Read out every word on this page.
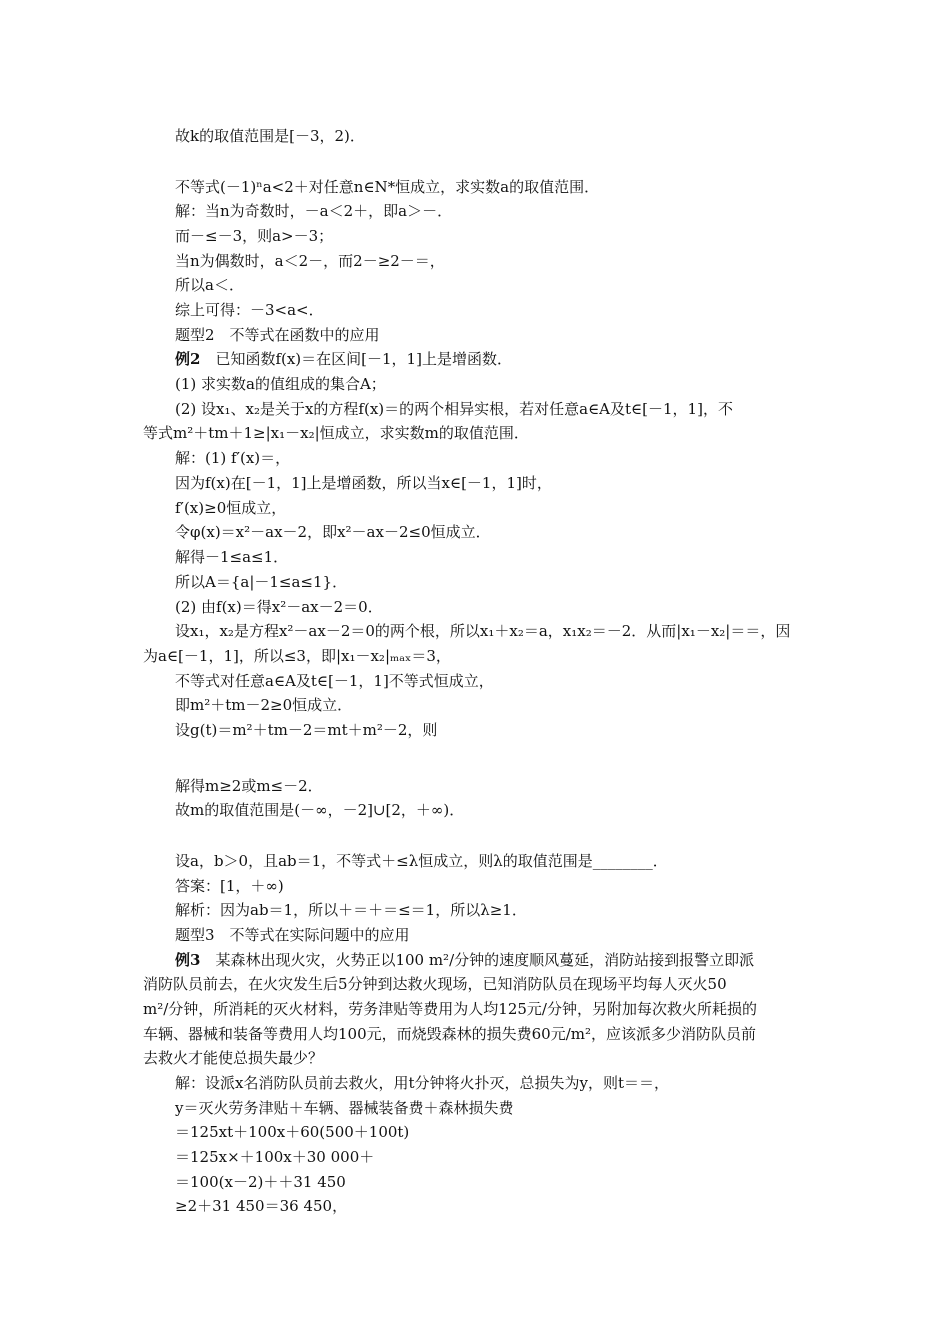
故k的取值范围是[－3，2)．
不等式(－1)ⁿa<2＋对任意n∈N*恒成立，求实数a的取值范围．
解：当n为奇数时，－a＜2＋，即a＞－．
而－≤－3，则a>－3；
当n为偶数时，a＜2－，而2－≥2－＝，
所以a＜．
综上可得：－3<a<．
题型2　不等式在函数中的应用
例2　已知函数f(x)＝在区间[－1，1]上是增函数．
(1) 求实数a的值组成的集合A；
(2) 设x₁、x₂是关于x的方程f(x)＝的两个相异实根，若对任意a∈A及t∈[－1，1]，不
等式m²＋tm＋1≥|x₁－x₂|恒成立，求实数m的取值范围．
解：(1) f′(x)＝，
因为f(x)在[－1，1]上是增函数，所以当x∈[－1，1]时，
f′(x)≥0恒成立，
令φ(x)＝x²－ax－2，即x²－ax－2≤0恒成立．
解得－1≤a≤1．
所以A＝{a|－1≤a≤1}．
(2) 由f(x)＝得x²－ax－2＝0．
设x₁，x₂是方程x²－ax－2＝0的两个根，所以x₁＋x₂＝a，x₁x₂＝－2．从而|x₁－x₂|＝＝，因
为a∈[－1，1]，所以≤3，即|x₁－x₂|ₘₐₓ＝3，
不等式对任意a∈A及t∈[－1，1]不等式恒成立，
即m²＋tm－2≥0恒成立．
设g(t)＝m²＋tm－2＝mt＋m²－2，则
解得m≥2或m≤－2．
故m的取值范围是(－∞，－2]∪[2，＋∞)．
设a，b＞0，且ab＝1，不等式＋≤λ恒成立，则λ的取值范围是________．
答案：[1，＋∞)
解析：因为ab＝1，所以＋＝＋＝≤＝1，所以λ≥1．
题型3　不等式在实际问题中的应用
例3　某森林出现火灾，火势正以100 m²/分钟的速度顺风蔓延，消防站接到报警立即派
消防队员前去，在火灾发生后5分钟到达救火现场，已知消防队员在现场平均每人灭火50
m²/分钟，所消耗的灭火材料，劳务津贴等费用为人均125元/分钟，另附加每次救火所耗损的
车辆、器械和装备等费用人均100元，而烧毁森林的损失费60元/m²，应该派多少消防队员前
去救火才能使总损失最少？
解：设派x名消防队员前去救火，用t分钟将火扑灭，总损失为y，则t＝＝，
y＝灭火劳务津贴＋车辆、器械装备费＋森林损失费
＝125xt＋100x＋60(500＋100t)
＝125x×＋100x＋30 000＋
＝100(x－2)＋＋31 450
≥2＋31 450＝36 450，
